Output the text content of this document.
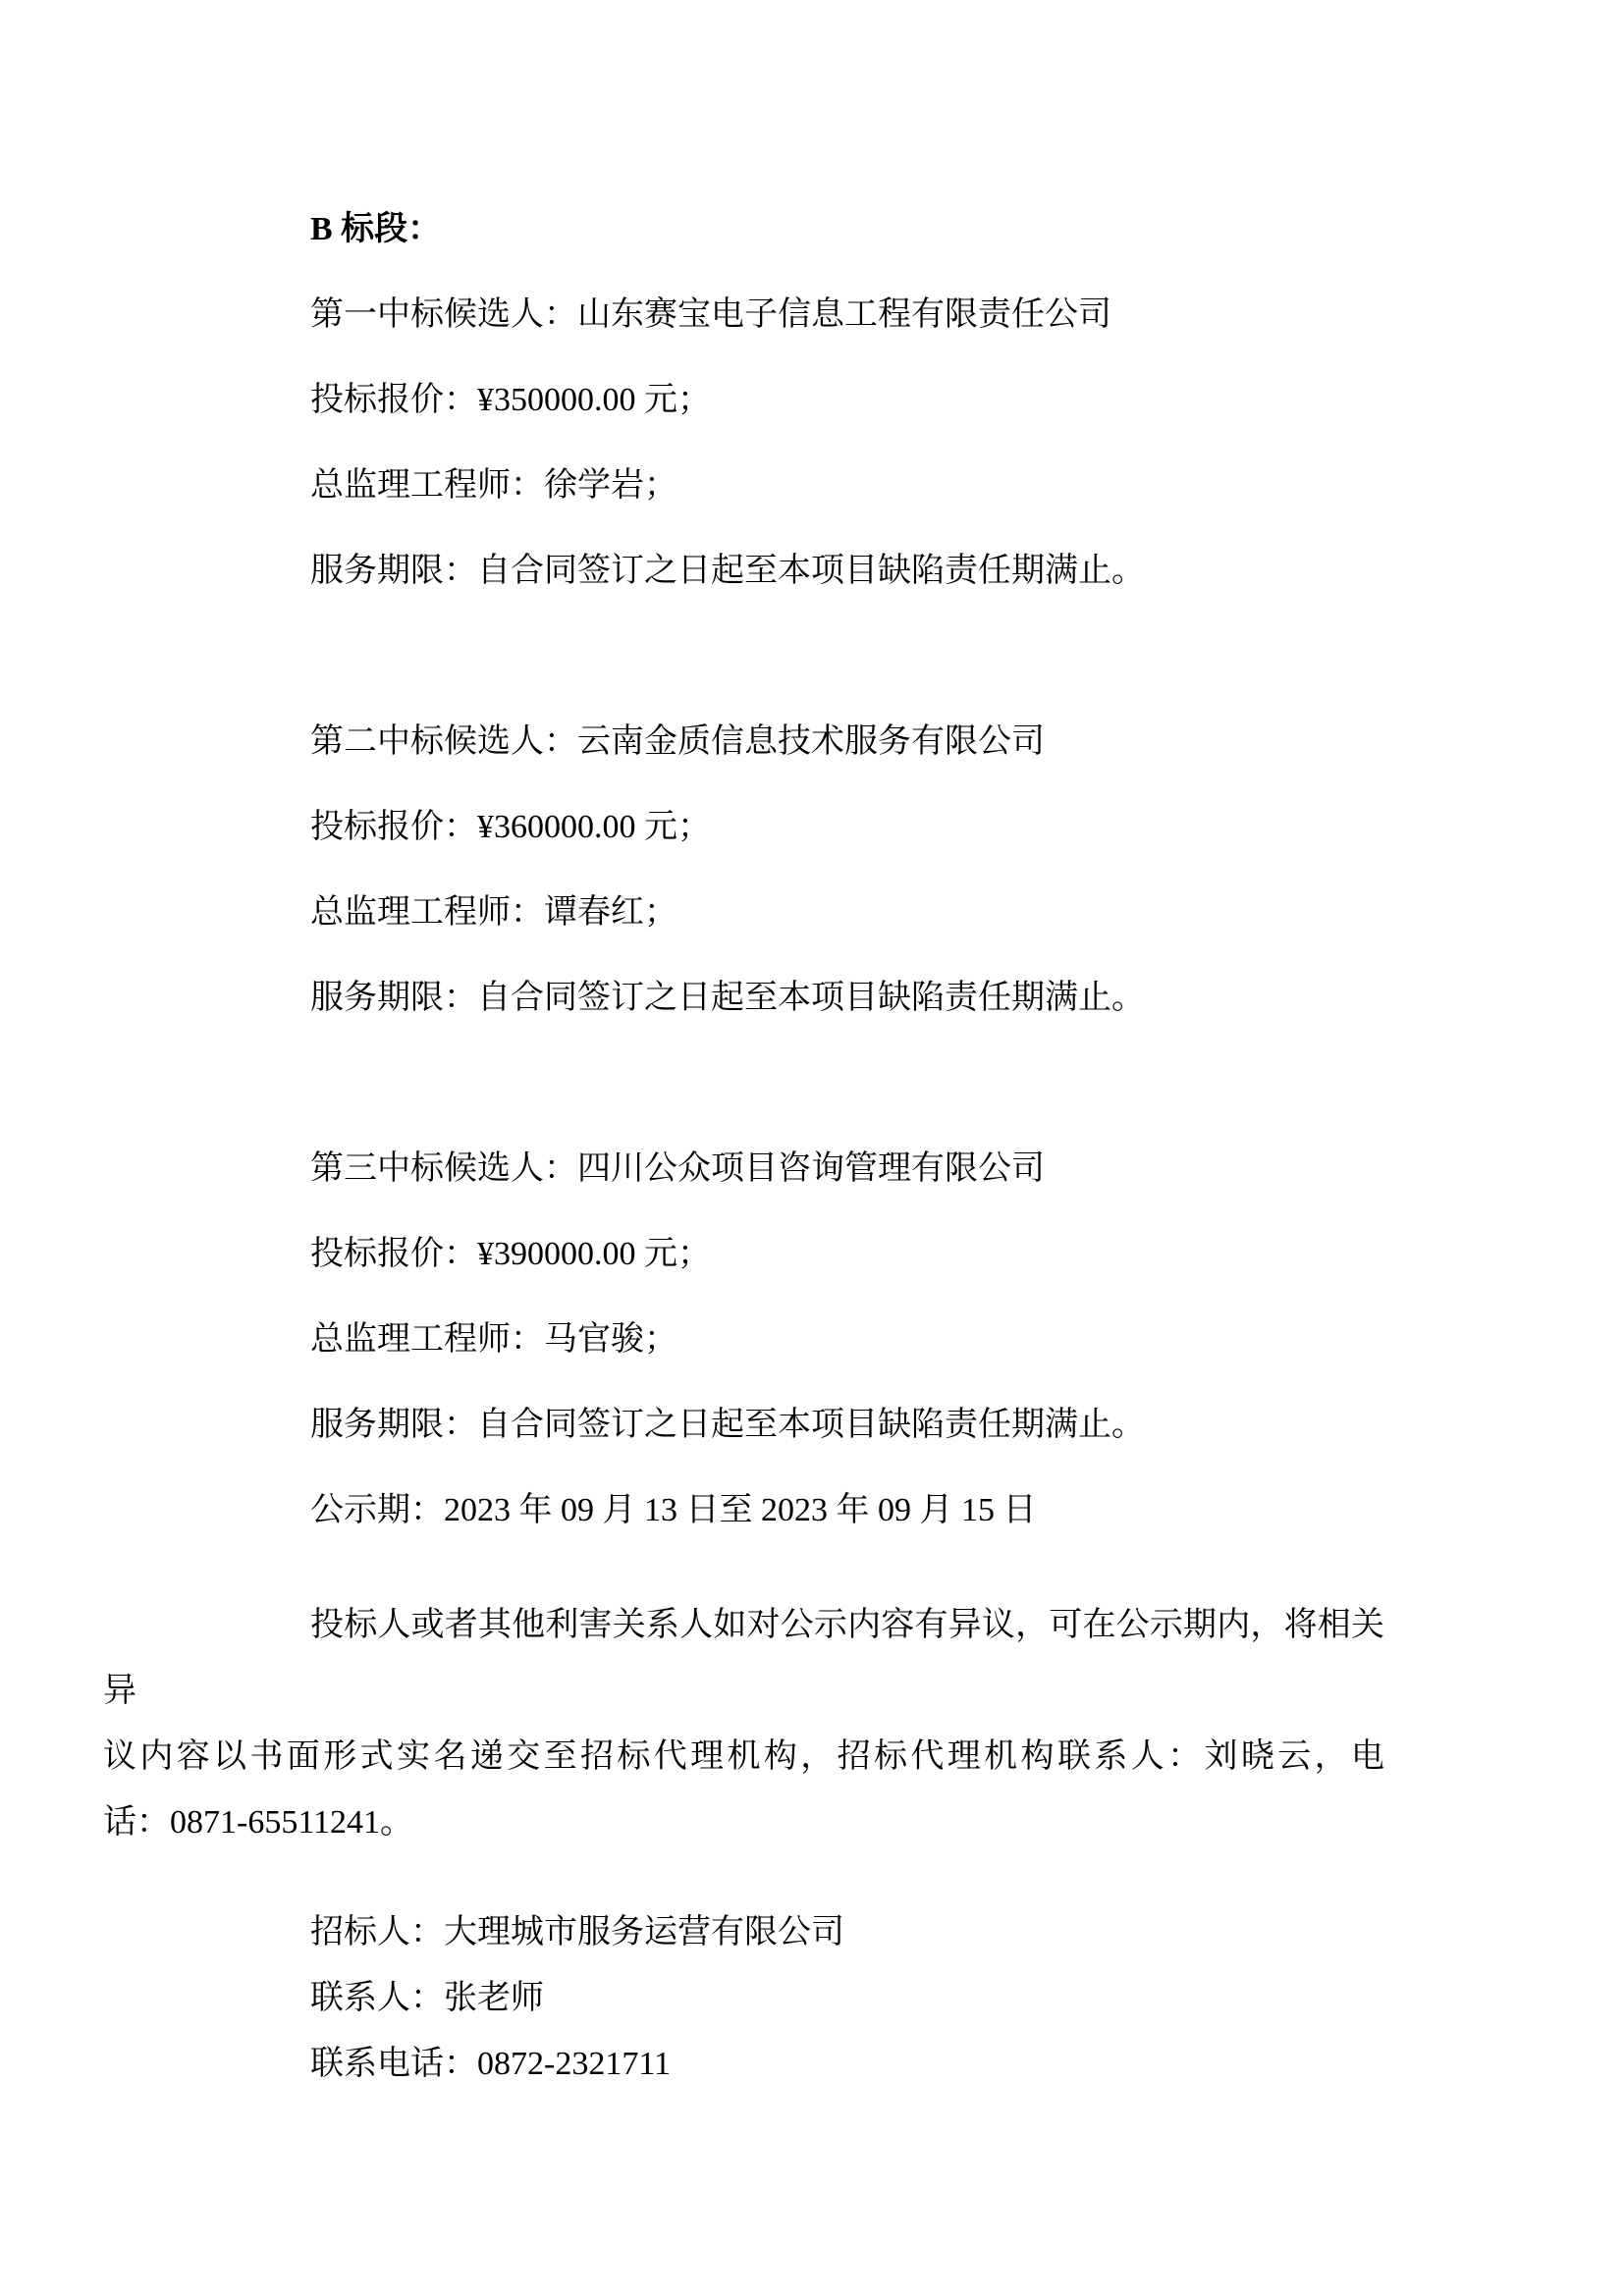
B 标段：

第一中标候选人：山东赛宝电子信息工程有限责任公司

投标报价：¥350000.00 元；

总监理工程师：徐学岩；

服务期限：自合同签订之日起至本项目缺陷责任期满止。

第二中标候选人：云南金质信息技术服务有限公司

投标报价：¥360000.00 元；

总监理工程师：谭春红；

服务期限：自合同签订之日起至本项目缺陷责任期满止。

第三中标候选人：四川公众项目咨询管理有限公司

投标报价：¥390000.00 元；

总监理工程师：马官骏；

服务期限：自合同签订之日起至本项目缺陷责任期满止。

公示期：2023 年 09 月 13 日至 2023 年 09 月 15 日

投标人或者其他利害关系人如对公示内容有异议，可在公示期内，将相关异
议内容以书面形式实名递交至招标代理机构，招标代理机构联系人：刘晓云，电
话：0871-65511241。
招标人：大理城市服务运营有限公司
联系人：张老师
联系电话：0872-2321711
